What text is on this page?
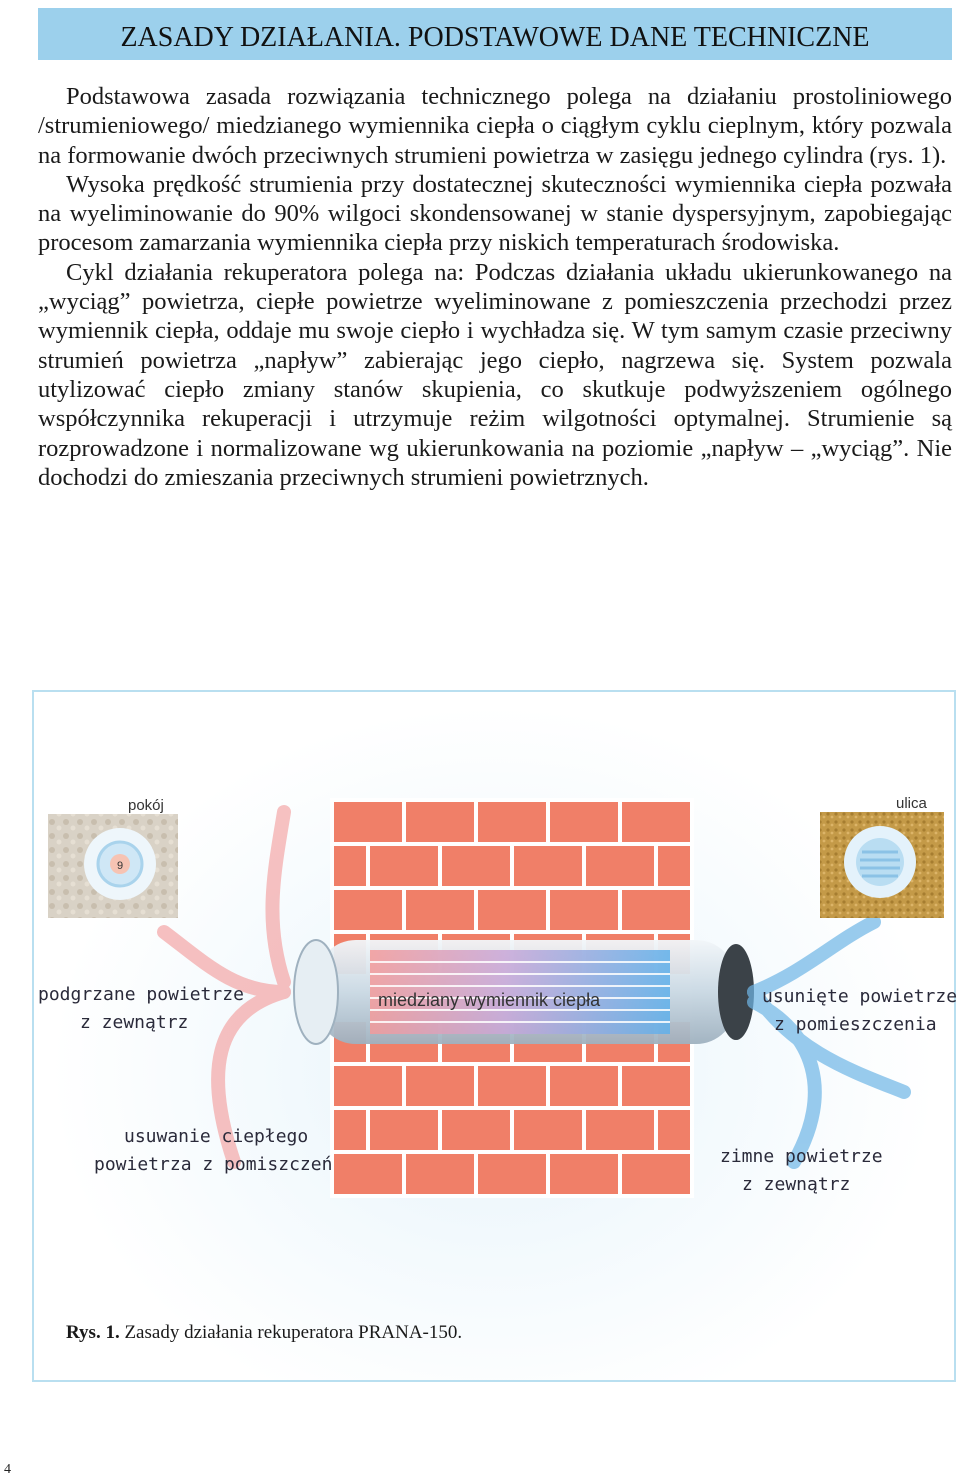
ZASADY DZIAŁANIA. PODSTAWOWE DANE TECHNICZNE

Podstawowa zasada rozwiązania technicznego polega na działaniu prostoliniowego /strumieniowego/ miedzianego wymiennika ciepła o ciągłym cyklu cieplnym, który pozwala na formowanie dwóch przeciwnych strumieni powietrza w zasięgu jednego cylindra (rys. 1).

Wysoka prędkość strumienia przy dostatecznej skuteczności wymiennika ciepła pozwała na wyeliminowanie do 90% wilgoci skondensowanej w stanie dyspersyjnym, zapobiegając procesom zamarzania wymiennika ciepła przy niskich temperaturach środowiska.

Cykl działania rekuperatora polega na: Podczas działania układu ukierunkowanego na „wyciąg” powietrza, ciepłe powietrze wyeliminowane z pomieszczenia przechodzi przez wymiennik ciepła, oddaje mu swoje ciepło i wychładza się. W tym samym czasie przeciwny strumień powietrza „napływ” zabierając jego ciepło, nagrzewa się. System pozwala utylizować ciepło zmiany stanów skupienia, co skutkuje podwyższeniem ogólnego współczynnika rekuperacji i utrzymuje reżim wilgotności optymalnej. Strumienie są rozprowadzone i normalizowane wg ukierunkowania na poziomie „napływ – „wyciąg”. Nie dochodzi do zmieszania przeciwnych strumieni powietrznych.

9
pokój	ulica
miedziany wymiennik ciepła
podgrzane powietrze
z zewnątrz
usunięte powietrze
z pomieszczenia
usuwanie ciepłego
powietrza z pomiszczeń	zimne powietrze
z zewnątrz
Rys. 1. Zasady działania rekuperatora PRANA-150.
4
